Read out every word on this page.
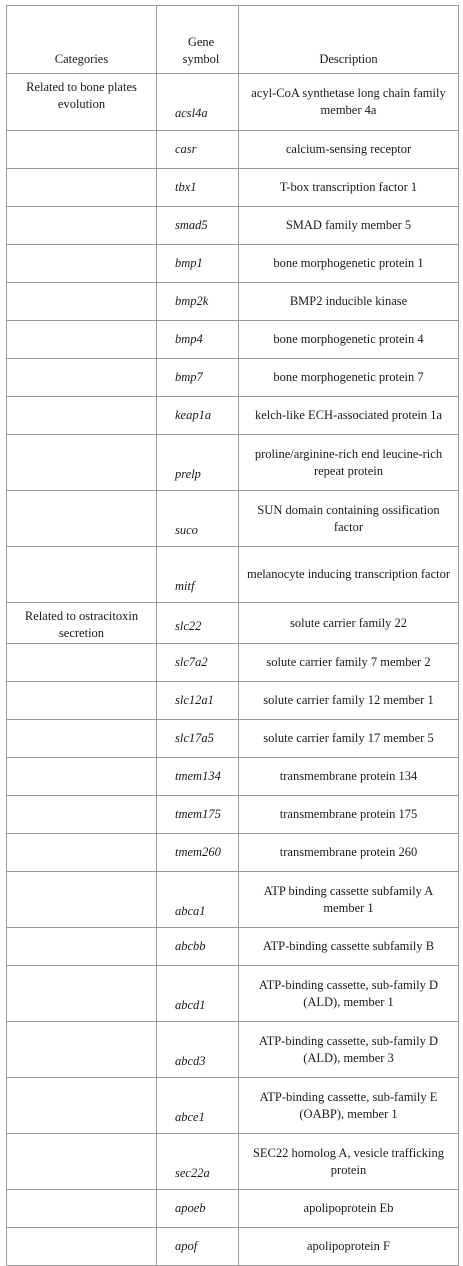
Categories	Gene symbol	Description
Related to bone plates evolution	acsl4a	acyl-CoA synthetase long chain family member 4a
	casr	calcium-sensing receptor
	tbx1	T-box transcription factor 1
	smad5	SMAD family member 5
	bmp1	bone morphogenetic protein 1
	bmp2k	BMP2 inducible kinase
	bmp4	bone morphogenetic protein 4
	bmp7	bone morphogenetic protein 7
	keap1a	kelch-like ECH-associated protein 1a
	prelp	proline/arginine-rich end leucine-rich repeat protein
	suco	SUN domain containing ossification factor
	mitf	melanocyte inducing transcription factor
Related to ostracitoxin secretion	slc22	solute carrier family 22
	slc7a2	solute carrier family 7 member 2
	slc12a1	solute carrier family 12 member 1
	slc17a5	solute carrier family 17 member 5
	tmem134	transmembrane protein 134
	tmem175	transmembrane protein 175
	tmem260	transmembrane protein 260
	abca1	ATP binding cassette subfamily A member 1
	abcbb	ATP-binding cassette subfamily B
	abcd1	ATP-binding cassette, sub-family D (ALD), member 1
	abcd3	ATP-binding cassette, sub-family D (ALD), member 3
	abce1	ATP-binding cassette, sub-family E (OABP), member 1
	sec22a	SEC22 homolog A, vesicle trafficking protein
	apoeb	apolipoprotein Eb
	apof	apolipoprotein F
